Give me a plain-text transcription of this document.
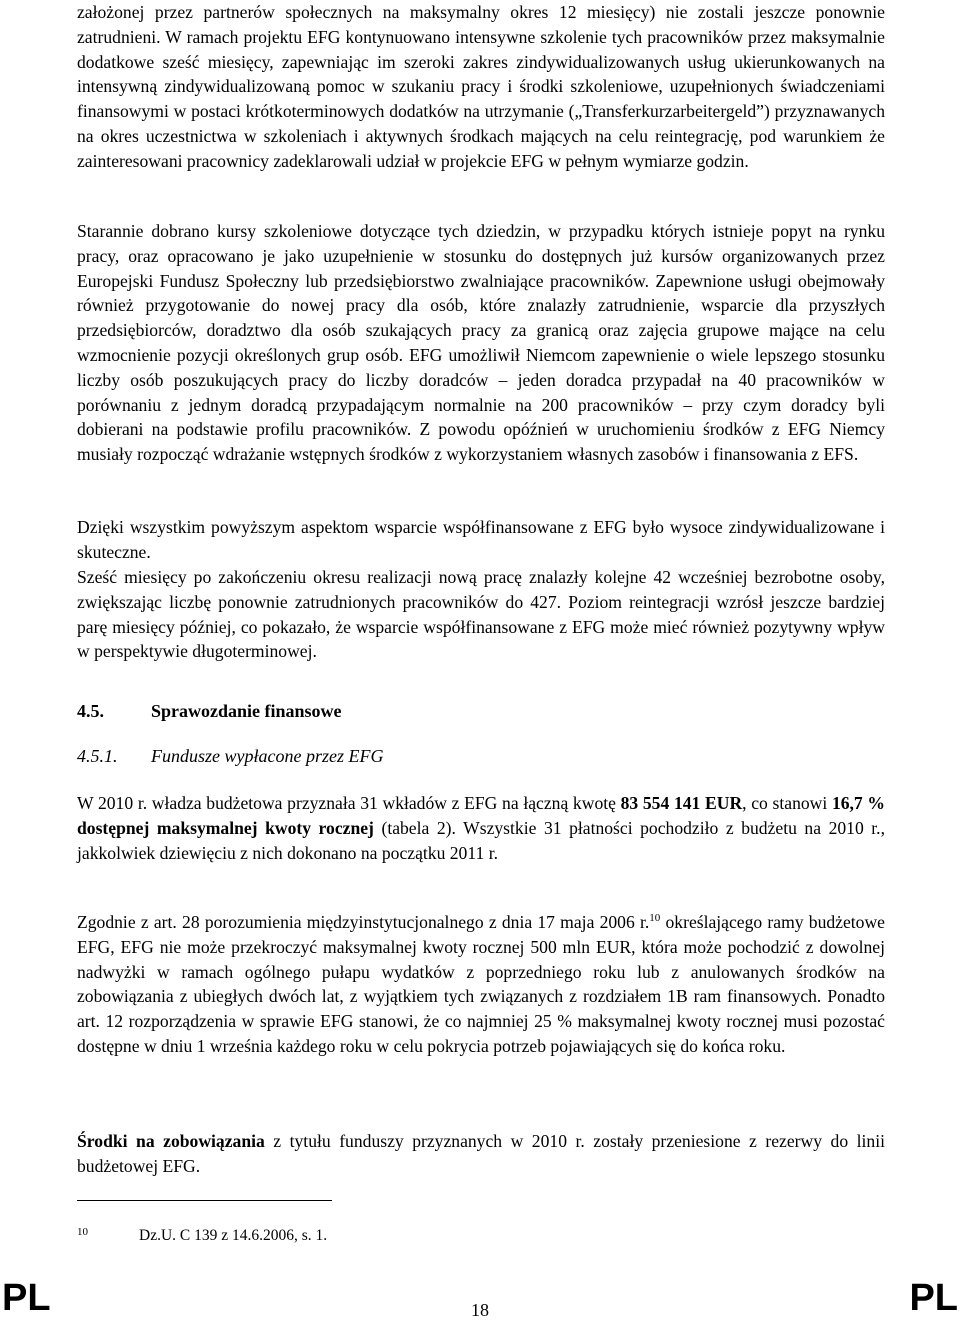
założonej przez partnerów społecznych na maksymalny okres 12 miesięcy) nie zostali jeszcze ponownie zatrudnieni. W ramach projektu EFG kontynuowano intensywne szkolenie tych pracowników przez maksymalnie dodatkowe sześć miesięcy, zapewniając im szeroki zakres zindywidualizowanych usług ukierunkowanych na intensywną zindywidualizowaną pomoc w szukaniu pracy i środki szkoleniowe, uzupełnionych świadczeniami finansowymi w postaci krótkoterminowych dodatków na utrzymanie („Transferkurzarbeitergeld”) przyznawanych na okres uczestnictwa w szkoleniach i aktywnych środkach mających na celu reintegrację, pod warunkiem że zainteresowani pracownicy zadeklarowali udział w projekcie EFG w pełnym wymiarze godzin.

Starannie dobrano kursy szkoleniowe dotyczące tych dziedzin, w przypadku których istnieje popyt na rynku pracy, oraz opracowano je jako uzupełnienie w stosunku do dostępnych już kursów organizowanych przez Europejski Fundusz Społeczny lub przedsiębiorstwo zwalniające pracowników. Zapewnione usługi obejmowały również przygotowanie do nowej pracy dla osób, które znalazły zatrudnienie, wsparcie dla przyszłych przedsiębiorców, doradztwo dla osób szukających pracy za granicą oraz zajęcia grupowe mające na celu wzmocnienie pozycji określonych grup osób. EFG umożliwił Niemcom zapewnienie o wiele lepszego stosunku liczby osób poszukujących pracy do liczby doradców – jeden doradca przypadał na 40 pracowników w porównaniu z jednym doradcą przypadającym normalnie na 200 pracowników – przy czym doradcy byli dobierani na podstawie profilu pracowników. Z powodu opóźnień w uruchomieniu środków z EFG Niemcy musiały rozpocząć wdrażanie wstępnych środków z wykorzystaniem własnych zasobów i finansowania z EFS.

Dzięki wszystkim powyższym aspektom wsparcie współfinansowane z EFG było wysoce zindywidualizowane i skuteczne.

Sześć miesięcy po zakończeniu okresu realizacji nową pracę znalazły kolejne 42 wcześniej bezrobotne osoby, zwiększając liczbę ponownie zatrudnionych pracowników do 427. Poziom reintegracji wzrósł jeszcze bardziej parę miesięcy później, co pokazało, że wsparcie współfinansowane z EFG może mieć również pozytywny wpływ w perspektywie długoterminowej.

4.5.	Sprawozdanie finansowe
4.5.1. Fundusze wypłacone przez EFG

W 2010 r. władza budżetowa przyznała 31 wkładów z EFG na łączną kwotę 83 554 141 EUR, co stanowi 16,7 % dostępnej maksymalnej kwoty rocznej (tabela 2). Wszystkie 31 płatności pochodziło z budżetu na 2010 r., jakkolwiek dziewięciu z nich dokonano na początku 2011 r.

Zgodnie z art. 28 porozumienia międzyinstytucjonalnego z dnia 17 maja 2006 r.$^{10}$ określającego ramy budżetowe EFG, EFG nie może przekroczyć maksymalnej kwoty rocznej 500 mln EUR, która może pochodzić z dowolnej nadwyżki w ramach ogólnego pułapu wydatków z poprzedniego roku lub z anulowanych środków na zobowiązania z ubiegłych dwóch lat, z wyjątkiem tych związanych z rozdziałem 1B ram finansowych. Ponadto art. 12 rozporządzenia w sprawie EFG stanowi, że co najmniej 25 % maksymalnej kwoty rocznej musi pozostać dostępne w dniu 1 września każdego roku w celu pokrycia potrzeb pojawiających się do końca roku.

Środki na zobowiązania z tytułu funduszy przyznanych w 2010 r. zostały przeniesione z rezerwy do linii budżetowej EFG.

10	Dz.U. C 139 z 14.6.2006, s. 1.
PL	18	PL
